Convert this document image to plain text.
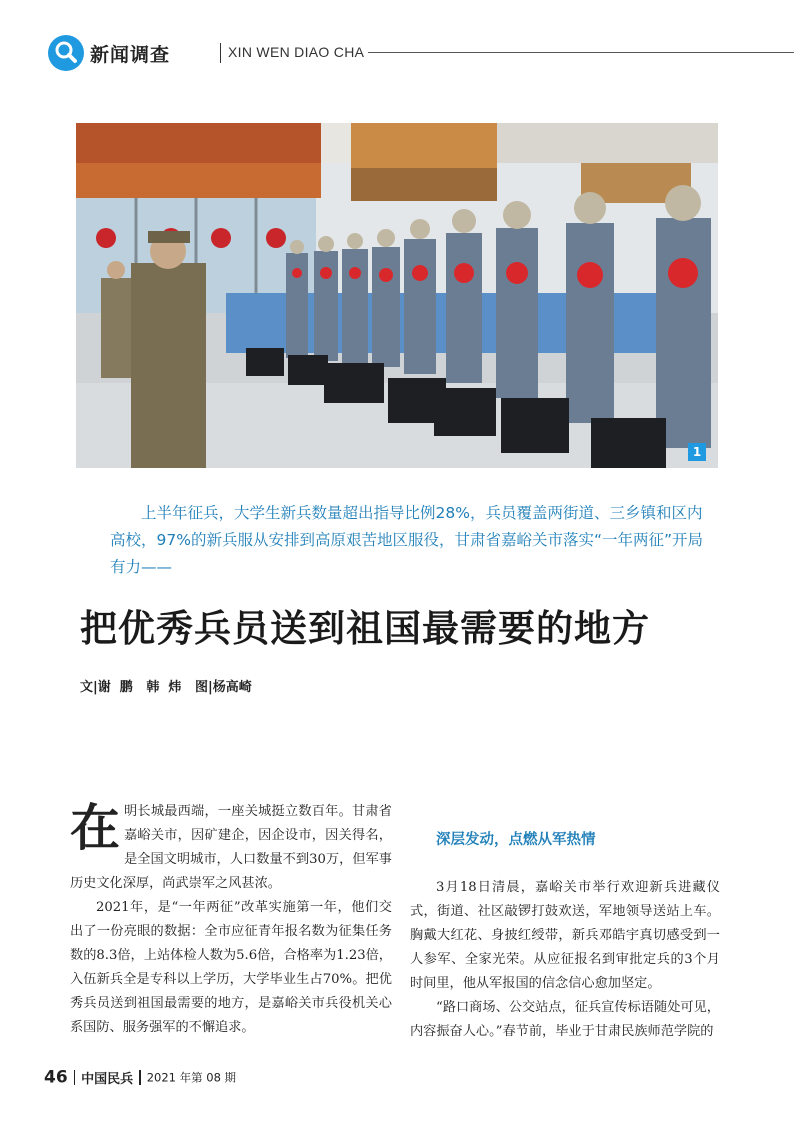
新闻调查	XIN WEN DIAO CHA
1
上半年征兵，大学生新兵数量超出指导比例28%，兵员覆盖两街道、三乡镇和区内高校，97%的新兵服从安排到高原艰苦地区服役，甘肃省嘉峪关市落实“一年两征”开局有力——
把优秀兵员送到祖国最需要的地方
文|谢  鹏   韩  炜   图|杨高崎

在明长城最西端，一座关城挺立数百年。甘肃省嘉峪关市，因矿建企，因企设市，因关得名，是全国文明城市，人口数量不到30万，但军事历史文化深厚，尚武崇军之风甚浓。

2021年，是“一年两征”改革实施第一年，他们交出了一份亮眼的数据：全市应征青年报名数为征集任务数的8.3倍，上站体检人数为5.6倍，合格率为1.23倍，入伍新兵全是专科以上学历，大学毕业生占70%。把优秀兵员送到祖国最需要的地方，是嘉峪关市兵役机关心系国防、服务强军的不懈追求。

深层发动，点燃从军热情

3月18日清晨，嘉峪关市举行欢迎新兵进藏仪式，街道、社区敲锣打鼓欢送，军地领导送站上车。胸戴大红花、身披红绶带，新兵邓皓宇真切感受到一人参军、全家光荣。从应征报名到审批定兵的3个月时间里，他从军报国的信念信心愈加坚定。

“路口商场、公交站点，征兵宣传标语随处可见，内容振奋人心。”春节前，毕业于甘肃民族师范学院的

46 中国民兵 2021 年第 08 期
